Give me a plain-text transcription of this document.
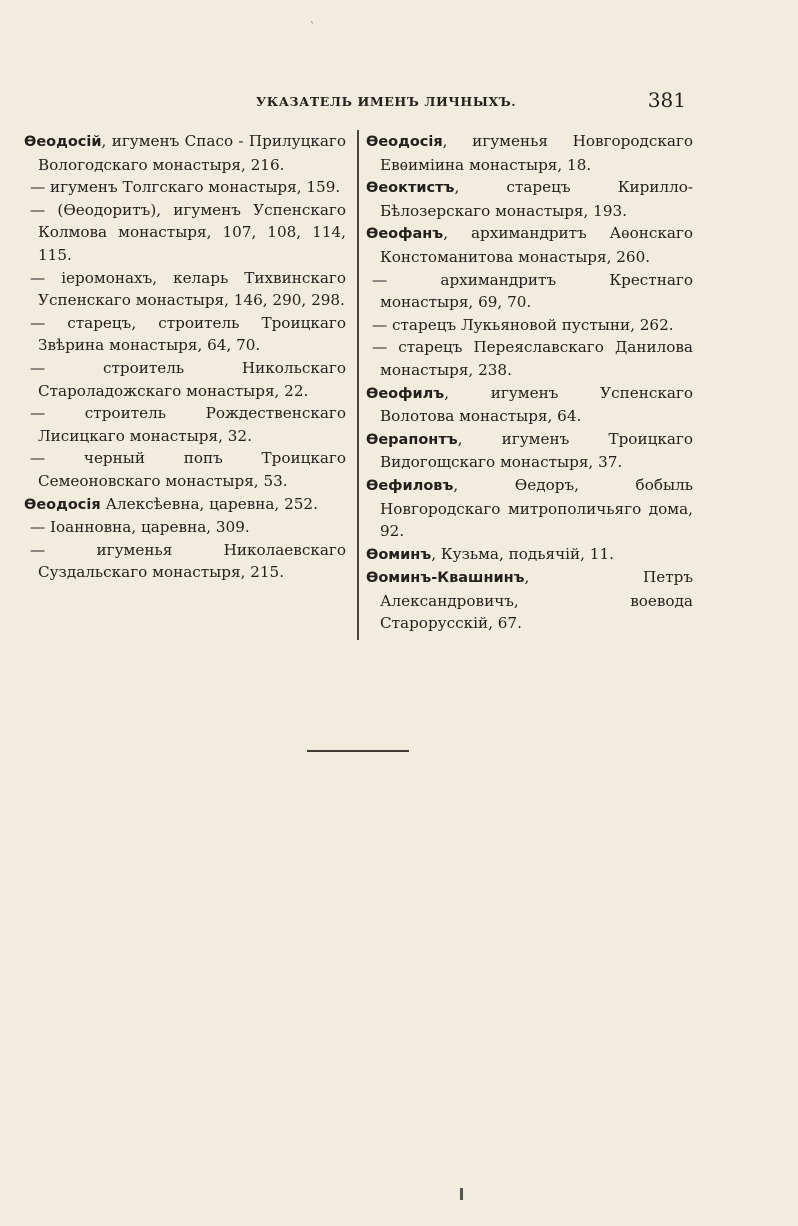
ˋ
УКАЗАТЕЛЬ ИМЕНЪ ЛИЧНЫХЪ.	381

Ѳеодосій, игуменъ Спасо - Прилуцкаго Вологодскаго монастыря, 216.

— игуменъ Толгскаго монастыря, 159.

— (Ѳеодоритъ), игуменъ Успенскаго Колмова монастыря, 107, 108, 114, 115.

— іеромонахъ, келарь Тихвинскаго Успенскаго монастыря, 146, 290, 298.

— старецъ, строитель Троицкаго Звѣрина монастыря, 64, 70.

—	строитель Никольскаго Староладожскаго монастыря, 22.

—	строитель Рождественскаго Лисицкаго монастыря, 32.

—	черный попъ Троицкаго Семеоновскаго монастыря, 53.

Ѳеодосія Алексѣевна, царевна, 252.

— Іоанновна, царевна, 309.

—	игуменья Николаевскаго Суздальскаго монастыря, 215.

Ѳеодосія, игуменья Новгородскаго Евѳиміина монастыря, 18.

Ѳеоктистъ, старецъ Кирилло-Бѣлозерскаго монастыря, 193.

Ѳеофанъ, архимандритъ Аѳонскаго Констоманитова монастыря, 260.

—	архимандритъ Крестнаго монастыря, 69, 70.

— старецъ Лукьяновой пустыни, 262.

— старецъ Переяславскаго Данилова монастыря, 238.

Ѳеофилъ, игуменъ Успенскаго Волотова монастыря, 64.

Ѳерапонтъ, игуменъ Троицкаго Видогощскаго монастыря, 37.

Ѳефиловъ, Ѳедоръ, бобыль Новгородскаго митрополичьяго дома, 92.

Ѳоминъ, Кузьма, подьячій, 11.

Ѳоминъ-Квашнинъ, Петръ Александровичъ, воевода Старорусскій, 67.
